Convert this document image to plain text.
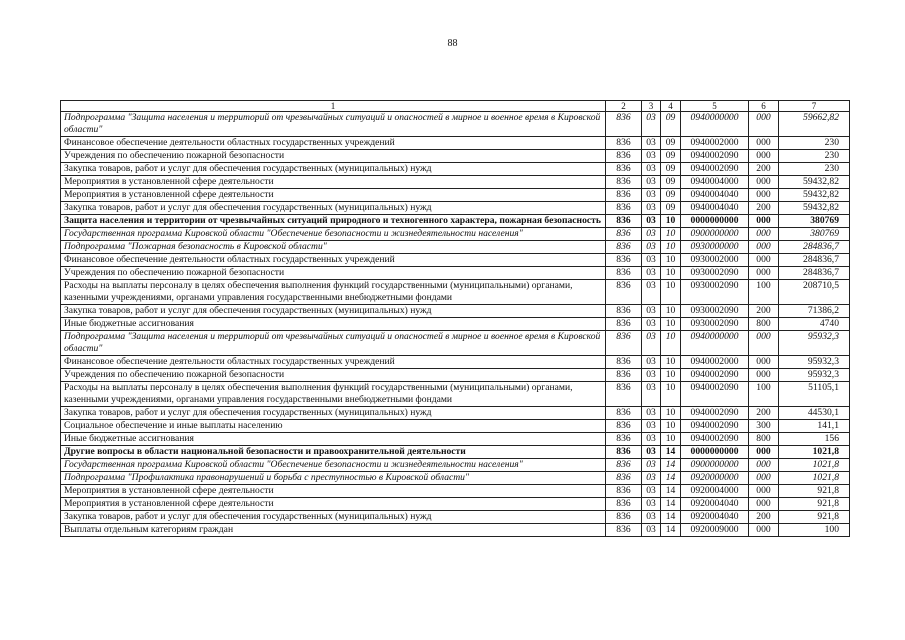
88
1	2	3	4	5	6	7
Подпрограмма "Защита населения и территорий от чрезвычайных ситуаций и опасностей в мирное и военное время в Кировской области"	836	03	09	0940000000	000	59662,82
Финансовое обеспечение деятельности областных государственных учреждений	836	03	09	0940002000	000	230
Учреждения по обеспечению пожарной безопасности	836	03	09	0940002090	000	230
Закупка товаров, работ и услуг для обеспечения государственных (муниципальных) нужд	836	03	09	0940002090	200	230
Мероприятия в установленной сфере деятельности	836	03	09	0940004000	000	59432,82
Мероприятия в установленной сфере деятельности	836	03	09	0940004040	000	59432,82
Закупка товаров, работ и услуг для обеспечения государственных (муниципальных) нужд	836	03	09	0940004040	200	59432,82
Защита населения и территории от чрезвычайных ситуаций природного и техногенного характера, пожарная безопасность	836	03	10	0000000000	000	380769
Государственная программа Кировской области "Обеспечение безопасности и жизнедеятельности населения"	836	03	10	0900000000	000	380769
Подпрограмма "Пожарная безопасность в Кировской области"	836	03	10	0930000000	000	284836,7
Финансовое обеспечение деятельности областных государственных учреждений	836	03	10	0930002000	000	284836,7
Учреждения по обеспечению пожарной безопасности	836	03	10	0930002090	000	284836,7
Расходы на выплаты персоналу в целях обеспечения выполнения функций государственными (муниципальными) органами, казенными учреждениями, органами управления государственными внебюджетными фондами	836	03	10	0930002090	100	208710,5
Закупка товаров, работ и услуг для обеспечения государственных (муниципальных) нужд	836	03	10	0930002090	200	71386,2
Иные бюджетные ассигнования	836	03	10	0930002090	800	4740
Подпрограмма "Защита населения и территорий от чрезвычайных ситуаций и опасностей в мирное и военное время в Кировской области"	836	03	10	0940000000	000	95932,3
Финансовое обеспечение деятельности областных государственных учреждений	836	03	10	0940002000	000	95932,3
Учреждения по обеспечению пожарной безопасности	836	03	10	0940002090	000	95932,3
Расходы на выплаты персоналу в целях обеспечения выполнения функций государственными (муниципальными) органами, казенными учреждениями, органами управления государственными внебюджетными фондами	836	03	10	0940002090	100	51105,1
Закупка товаров, работ и услуг для обеспечения государственных (муниципальных) нужд	836	03	10	0940002090	200	44530,1
Социальное обеспечение и иные выплаты населению	836	03	10	0940002090	300	141,1
Иные бюджетные ассигнования	836	03	10	0940002090	800	156
Другие вопросы в области национальной безопасности и правоохранительной деятельности	836	03	14	0000000000	000	1021,8
Государственная программа Кировской области "Обеспечение безопасности и жизнедеятельности населения"	836	03	14	0900000000	000	1021,8
Подпрограмма "Профилактика правонарушений и борьба с преступностью в Кировской области"	836	03	14	0920000000	000	1021,8
Мероприятия в установленной сфере деятельности	836	03	14	0920004000	000	921,8
Мероприятия в установленной сфере деятельности	836	03	14	0920004040	000	921,8
Закупка товаров, работ и услуг для обеспечения государственных (муниципальных) нужд	836	03	14	0920004040	200	921,8
Выплаты отдельным категориям граждан	836	03	14	0920009000	000	100
